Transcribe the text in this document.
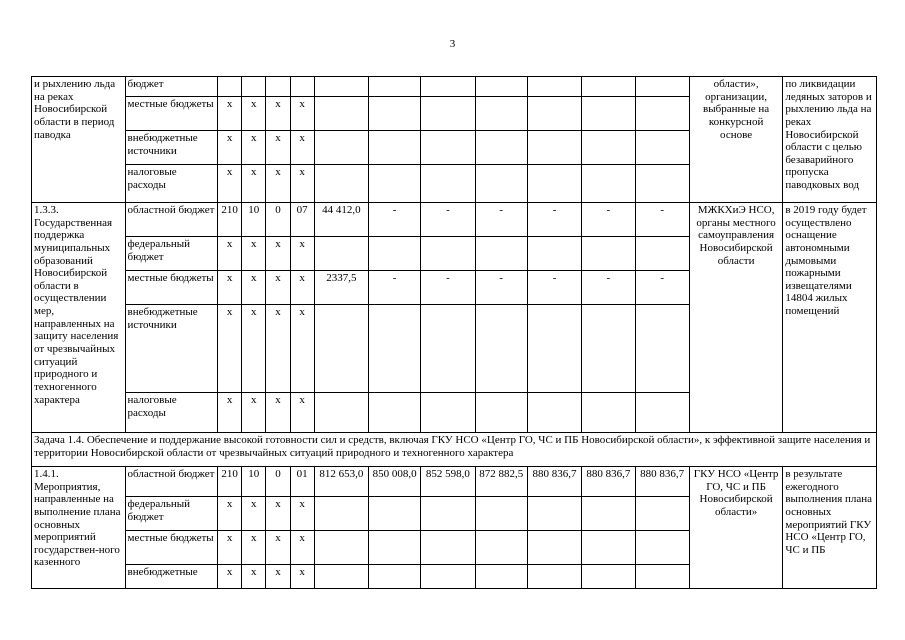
3
и рыхлению льда на реках Новосибирской области в период паводка	бюджет												области», организации, выбранные на конкурсной основе	по ликвидации ледяных заторов и рыхлению льда на реках Новосибирской области с целью безаварийного пропуска паводковых вод
	местные бюджеты	x	x	x	x									
	внебюджетные источники	x	x	x	x									
	налоговые расходы	x	x	x	x									
1.3.3. Государственная поддержка муниципальных образований Новосибирской области в осуществлении мер, направленных на защиту населения от чрезвычайных ситуаций природного и техногенного характера	областной бюджет	210	10	0	07	44 412,0	-	-	-	-	-	-	МЖКХиЭ НСО, органы местного самоуправления Новосибирской области	в 2019 году будет осуществлено оснащение автономными дымовыми пожарными извещателями 14804 жилых помещений
	федеральный бюджет	x	x	x	x									
	местные бюджеты	x	x	x	x	2337,5	-	-	-	-	-	-		
	внебюджетные источники	x	x	x	x									
	налоговые расходы	x	x	x	x									
Задача 1.4. Обеспечение и поддержание высокой готовности сил и средств, включая ГКУ НСО «Центр ГО, ЧС и ПБ Новосибирской области», к эффективной защите населения и территории Новосибирской области от чрезвычайных ситуаций природного и техногенного характера														
1.4.1. Мероприятия, направленные на выполнение плана основных мероприятий государствен-ного казенного	областной бюджет	210	10	0	01	812 653,0	850 008,0	852 598,0	872 882,5	880 836,7	880 836,7	880 836,7	ГКУ НСО «Центр ГО, ЧС и ПБ Новосибирской области»	в результате ежегодного выполнения плана основных мероприятий ГКУ НСО «Центр ГО, ЧС и ПБ
	федеральный бюджет	x	x	x	x									
	местные бюджеты	x	x	x	x									
	внебюджетные	x	x	x	x									
